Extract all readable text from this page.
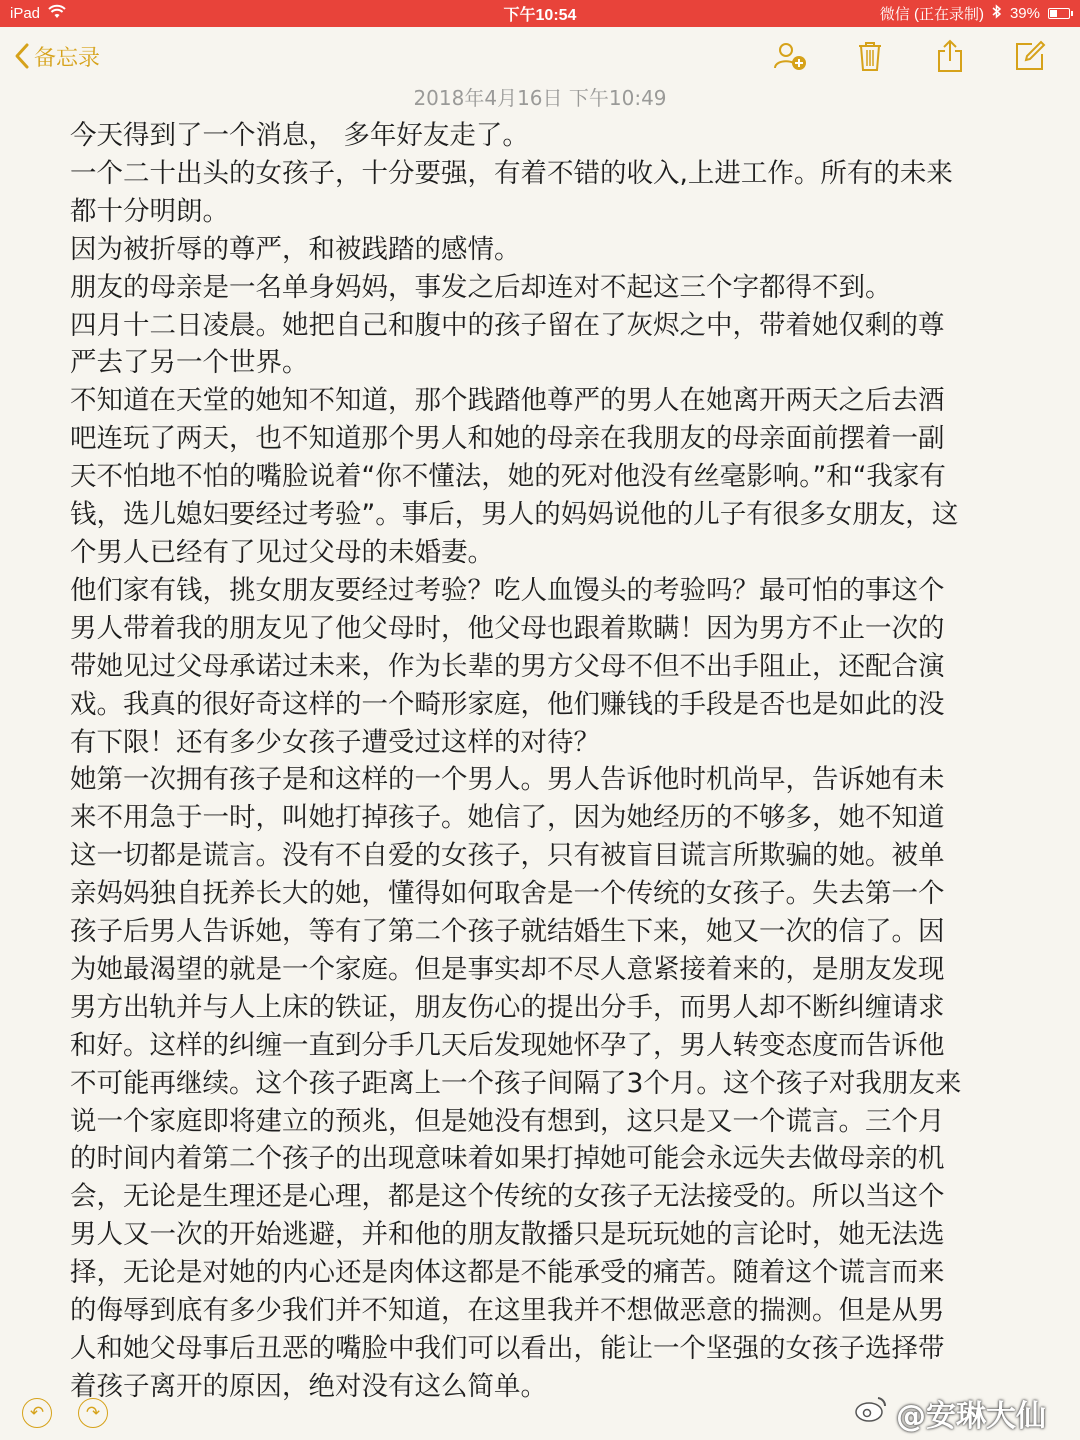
iPad	下午10:54	微信 (正在录制) 39%
备忘录
2018年4月16日 下午10:49
今天得到了一个消息， 多年好友走了。
一个二十出头的女孩子，十分要强，有着不错的收入,上进工作。所有的未来
都十分明朗。
因为被折辱的尊严，和被践踏的感情。
朋友的母亲是一名单身妈妈，事发之后却连对不起这三个字都得不到。
四月十二日凌晨。她把自己和腹中的孩子留在了灰烬之中，带着她仅剩的尊
严去了另一个世界。
不知道在天堂的她知不知道，那个践踏他尊严的男人在她离开两天之后去酒
吧连玩了两天，也不知道那个男人和她的母亲在我朋友的母亲面前摆着一副
天不怕地不怕的嘴脸说着“你不懂法，她的死对他没有丝毫影响。”和“我家有
钱，选儿媳妇要经过考验”。事后，男人的妈妈说他的儿子有很多女朋友，这
个男人已经有了见过父母的未婚妻。
他们家有钱，挑女朋友要经过考验？吃人血馒头的考验吗？最可怕的事这个
男人带着我的朋友见了他父母时，他父母也跟着欺瞒！因为男方不止一次的
带她见过父母承诺过未来，作为长辈的男方父母不但不出手阻止，还配合演
戏。我真的很好奇这样的一个畸形家庭，他们赚钱的手段是否也是如此的没
有下限！还有多少女孩子遭受过这样的对待？
她第一次拥有孩子是和这样的一个男人。男人告诉他时机尚早，告诉她有未
来不用急于一时，叫她打掉孩子。她信了，因为她经历的不够多，她不知道
这一切都是谎言。没有不自爱的女孩子，只有被盲目谎言所欺骗的她。被单
亲妈妈独自抚养长大的她，懂得如何取舍是一个传统的女孩子。失去第一个
孩子后男人告诉她，等有了第二个孩子就结婚生下来，她又一次的信了。因
为她最渴望的就是一个家庭。但是事实却不尽人意紧接着来的，是朋友发现
男方出轨并与人上床的铁证，朋友伤心的提出分手，而男人却不断纠缠请求
和好。这样的纠缠一直到分手几天后发现她怀孕了，男人转变态度而告诉他
不可能再继续。这个孩子距离上一个孩子间隔了3个月。这个孩子对我朋友来
说一个家庭即将建立的预兆，但是她没有想到，这只是又一个谎言。三个月
的时间内着第二个孩子的出现意味着如果打掉她可能会永远失去做母亲的机
会，无论是生理还是心理，都是这个传统的女孩子无法接受的。所以当这个
男人又一次的开始逃避，并和他的朋友散播只是玩玩她的言论时，她无法选
择，无论是对她的内心还是肉体这都是不能承受的痛苦。随着这个谎言而来
的侮辱到底有多少我们并不知道，在这里我并不想做恶意的揣测。但是从男
人和她父母事后丑恶的嘴脸中我们可以看出，能让一个坚强的女孩子选择带
着孩子离开的原因，绝对没有这么简单。
↶	↷	@安琳大仙
